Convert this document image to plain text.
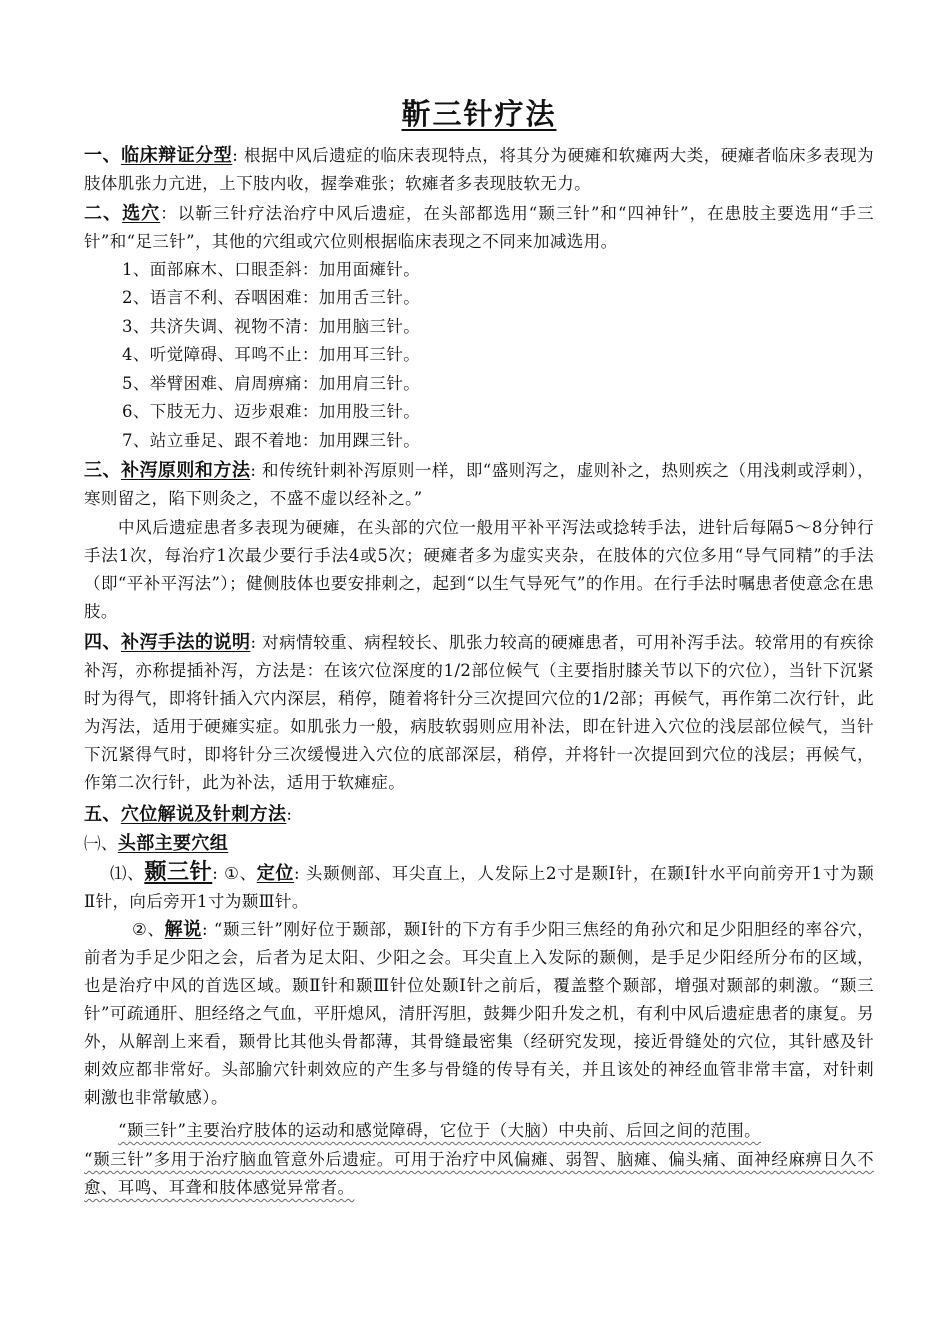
靳三针疗法
一、临床辩证分型: 根据中风后遗症的临床表现特点，将其分为硬瘫和软瘫两大类，硬瘫者临床多表现为肢体肌张力亢进，上下肢内收，握拳难张；软瘫者多表现肢软无力。
二、选穴：以靳三针疗法治疗中风后遗症，在头部都选用“颞三针”和“四神针”，在患肢主要选用“手三针”和“足三针”，其他的穴组或穴位则根据临床表现之不同来加减选用。
1、面部麻木、口眼歪斜：加用面瘫针。
2、语言不利、吞咽困难：加用舌三针。
3、共济失调、视物不清：加用脑三针。
4、听觉障碍、耳鸣不止：加用耳三针。
5、举臂困难、肩周痹痛：加用肩三针。
6、下肢无力、迈步艰难：加用股三针。
7、站立垂足、跟不着地：加用踝三针。
三、补泻原则和方法: 和传统针刺补泻原则一样，即“盛则泻之，虚则补之，热则疾之（用浅刺或浮刺），寒则留之，陷下则灸之，不盛不虚以经补之。”
中风后遗症患者多表现为硬瘫，在头部的穴位一般用平补平泻法或捻转手法，进针后每隔5～8分钟行手法1次，每治疗1次最少要行手法4或5次；硬瘫者多为虚实夹杂，在肢体的穴位多用“导气同精”的手法（即“平补平泻法”）；健侧肢体也要安排刺之，起到“以生气导死气”的作用。在行手法时嘱患者使意念在患肢。
四、补泻手法的说明: 对病情较重、病程较长、肌张力较高的硬瘫患者，可用补泻手法。较常用的有疾徐补泻，亦称提插补泻，方法是：在该穴位深度的1/2部位候气（主要指肘膝关节以下的穴位），当针下沉紧时为得气，即将针插入穴内深层，稍停，随着将针分三次提回穴位的1/2部；再候气，再作第二次行针，此为泻法，适用于硬瘫实症。如肌张力一般，病肢软弱则应用补法，即在针进入穴位的浅层部位候气，当针下沉紧得气时，即将针分三次缓慢进入穴位的底部深层，稍停，并将针一次提回到穴位的浅层；再候气，作第二次行针，此为补法，适用于软瘫症。
五、穴位解说及针刺方法:
㈠、头部主要穴组
⑴、颞三针: ①、定位: 头颞侧部、耳尖直上，人发际上2寸是颞Ⅰ针，在颞Ⅰ针水平向前旁开1寸为颞Ⅱ针，向后旁开1寸为颞Ⅲ针。
②、解说: “颞三针”刚好位于颞部，颞Ⅰ针的下方有手少阳三焦经的角孙穴和足少阳胆经的率谷穴，前者为手足少阳之会，后者为足太阳、少阳之会。耳尖直上入发际的颞侧，是手足少阳经所分布的区域，也是治疗中风的首选区域。颞Ⅱ针和颞Ⅲ针位处颞Ⅰ针之前后，覆盖整个颞部，增强对颞部的刺激。“颞三针”可疏通肝、胆经络之气血，平肝熄风，清肝泻胆，鼓舞少阳升发之机，有利中风后遗症患者的康复。另外，从解剖上来看，颞骨比其他头骨都薄，其骨缝最密集（经研究发现，接近骨缝处的穴位，其针感及针刺效应都非常好。头部腧穴针刺效应的产生多与骨缝的传导有关，并且该处的神经血管非常丰富，对针刺刺激也非常敏感）。
“颞三针”主要治疗肢体的运动和感觉障碍，它位于（大脑）中央前、后回之间的范围。
“颞三针”多用于治疗脑血管意外后遗症。可用于治疗中风偏瘫、弱智、脑瘫、偏头痛、面神经麻痹日久不愈、耳鸣、耳聋和肢体感觉异常者。
